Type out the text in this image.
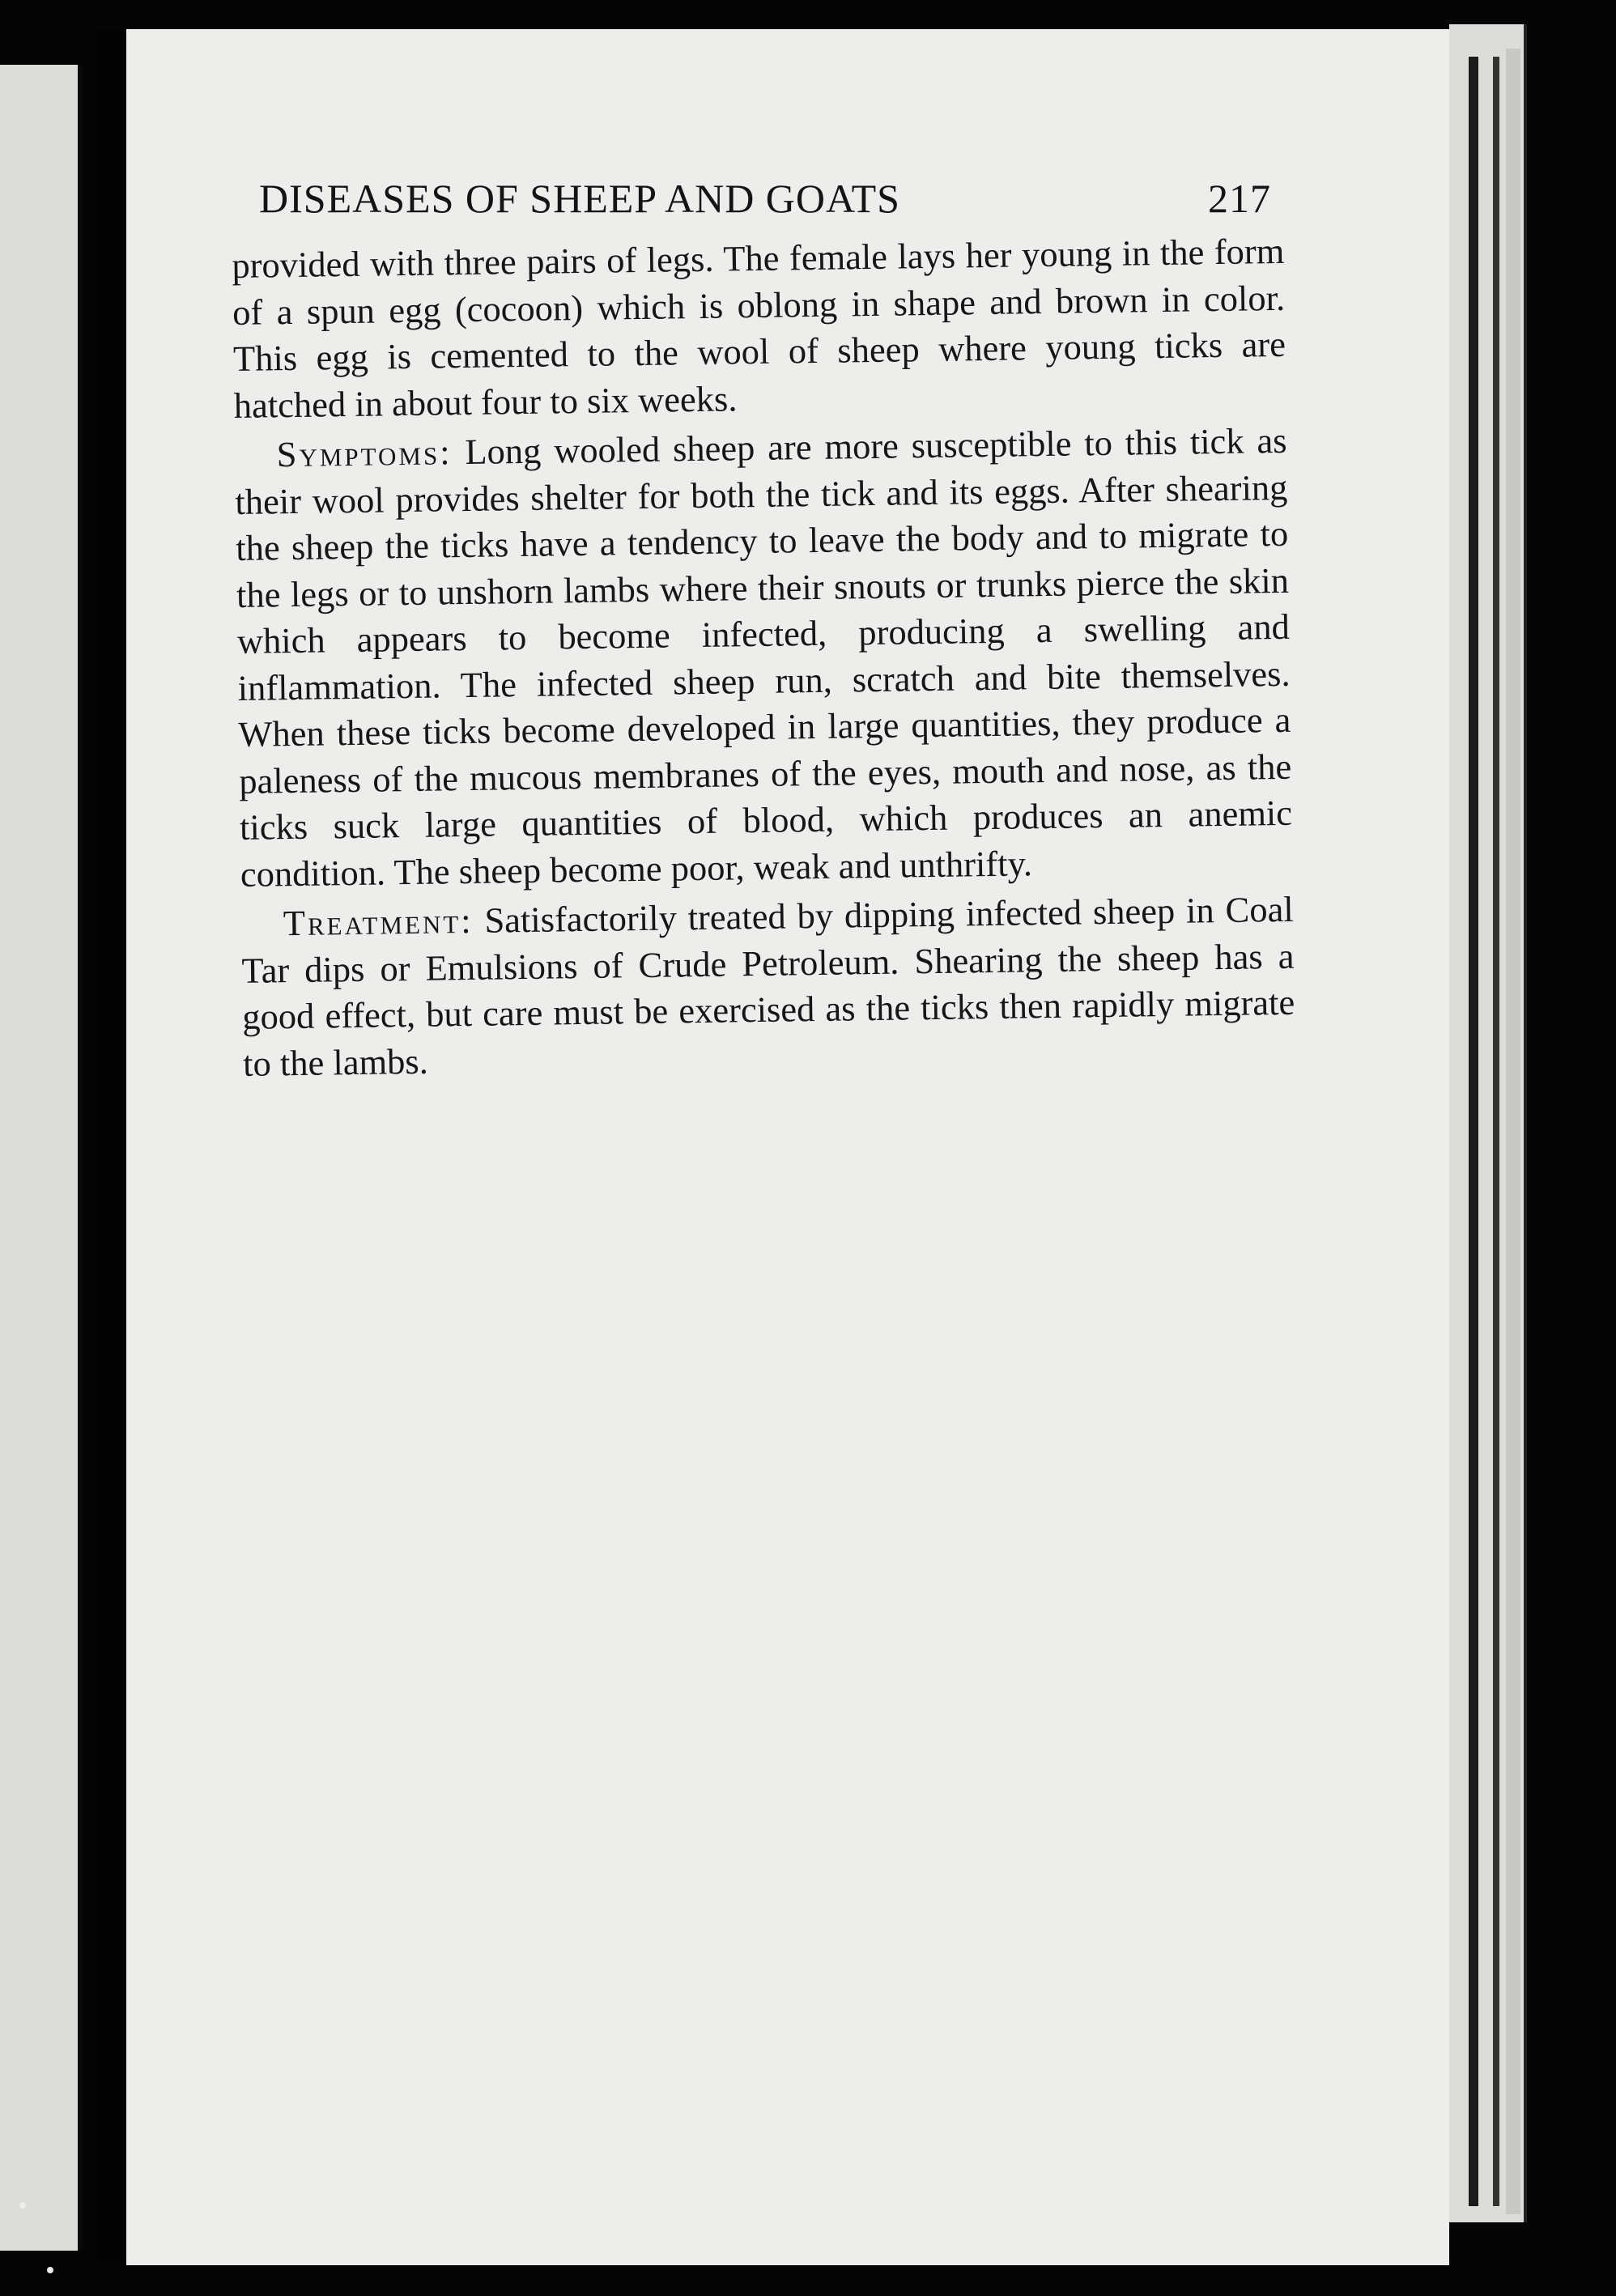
DISEASES OF SHEEP AND GOATS	217

provided with three pairs of legs. The female lays her young in the form of a spun egg (cocoon) which is oblong in shape and brown in color. This egg is cemented to the wool of sheep where young ticks are hatched in about four to six weeks.

Symptoms: Long wooled sheep are more susceptible to this tick as their wool provides shelter for both the tick and its eggs. After shearing the sheep the ticks have a tendency to leave the body and to migrate to the legs or to unshorn lambs where their snouts or trunks pierce the skin which appears to become infected, producing a swelling and inflammation. The infected sheep run, scratch and bite themselves. When these ticks become developed in large quantities, they produce a paleness of the mucous membranes of the eyes, mouth and nose, as the ticks suck large quantities of blood, which produces an anemic condition. The sheep become poor, weak and unthrifty.

Treatment: Satisfactorily treated by dipping infected sheep in Coal Tar dips or Emulsions of Crude Petroleum. Shearing the sheep has a good effect, but care must be exercised as the ticks then rapidly migrate to the lambs.
